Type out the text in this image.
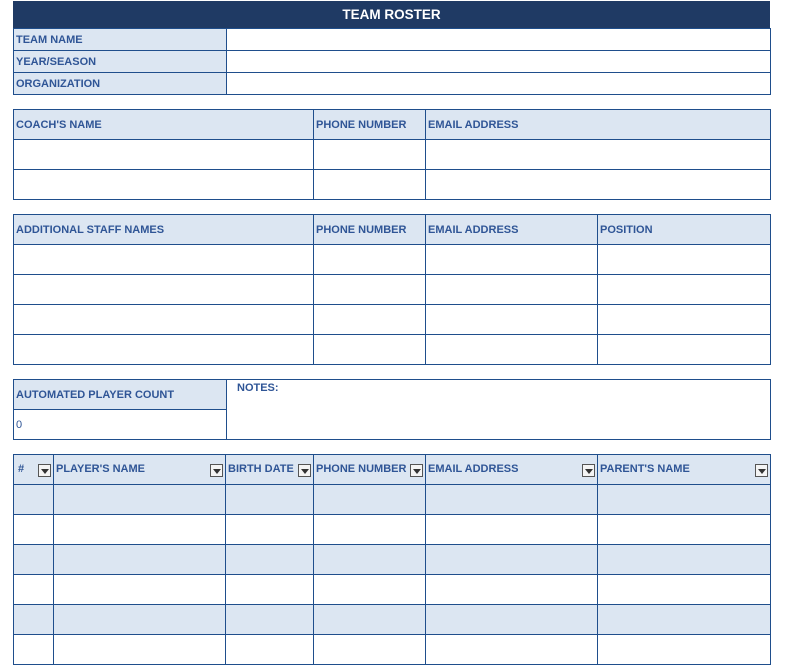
TEAM ROSTER
TEAM NAME	
YEAR/SEASON	
ORGANIZATION	
COACH'S NAME	PHONE NUMBER	EMAIL ADDRESS

ADDITIONAL STAFF NAMES	PHONE NUMBER	EMAIL ADDRESS	POSITION

AUTOMATED PLAYER COUNT	NOTES:
0
#	PLAYER'S NAME	BIRTH DATE	PHONE NUMBER	EMAIL ADDRESS	PARENT'S NAME
